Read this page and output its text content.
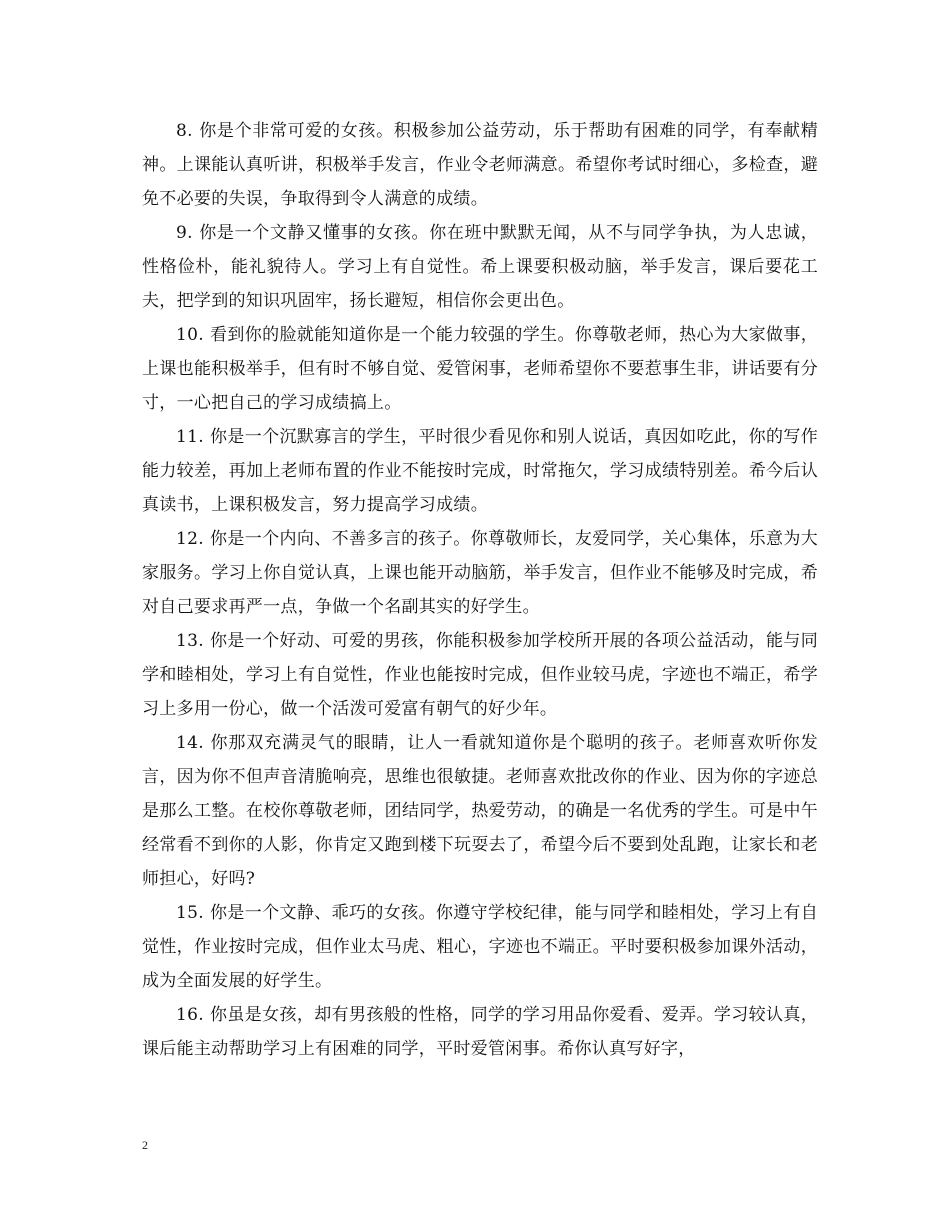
8. 你是个非常可爱的女孩。积极参加公益劳动，乐于帮助有困难的同学，有奉献精神。上课能认真听讲，积极举手发言，作业令老师满意。希望你考试时细心，多检查，避免不必要的失误，争取得到令人满意的成绩。

9. 你是一个文静又懂事的女孩。你在班中默默无闻，从不与同学争执，为人忠诚，性格俭朴，能礼貌待人。学习上有自觉性。希上课要积极动脑，举手发言，课后要花工夫，把学到的知识巩固牢，扬长避短，相信你会更出色。

10. 看到你的脸就能知道你是一个能力较强的学生。你尊敬老师，热心为大家做事，上课也能积极举手，但有时不够自觉、爱管闲事，老师希望你不要惹事生非，讲话要有分寸，一心把自己的学习成绩搞上。

11. 你是一个沉默寡言的学生，平时很少看见你和别人说话，真因如吃此，你的写作能力较差，再加上老师布置的作业不能按时完成，时常拖欠，学习成绩特别差。希今后认真读书，上课积极发言，努力提高学习成绩。

12. 你是一个内向、不善多言的孩子。你尊敬师长，友爱同学，关心集体，乐意为大家服务。学习上你自觉认真，上课也能开动脑筋，举手发言，但作业不能够及时完成，希对自己要求再严一点，争做一个名副其实的好学生。

13. 你是一个好动、可爱的男孩，你能积极参加学校所开展的各项公益活动，能与同学和睦相处，学习上有自觉性，作业也能按时完成，但作业较马虎，字迹也不端正，希学习上多用一份心，做一个活泼可爱富有朝气的好少年。

14. 你那双充满灵气的眼睛，让人一看就知道你是个聪明的孩子。老师喜欢听你发言，因为你不但声音清脆响亮，思维也很敏捷。老师喜欢批改你的作业、因为你的字迹总是那么工整。在校你尊敬老师，团结同学，热爱劳动，的确是一名优秀的学生。可是中午经常看不到你的人影，你肯定又跑到楼下玩耍去了，希望今后不要到处乱跑，让家长和老师担心，好吗?

15. 你是一个文静、乖巧的女孩。你遵守学校纪律，能与同学和睦相处，学习上有自觉性，作业按时完成，但作业太马虎、粗心，字迹也不端正。平时要积极参加课外活动，成为全面发展的好学生。

16. 你虽是女孩，却有男孩般的性格，同学的学习用品你爱看、爱弄。学习较认真，课后能主动帮助学习上有困难的同学，平时爱管闲事。希你认真写好字，

2
